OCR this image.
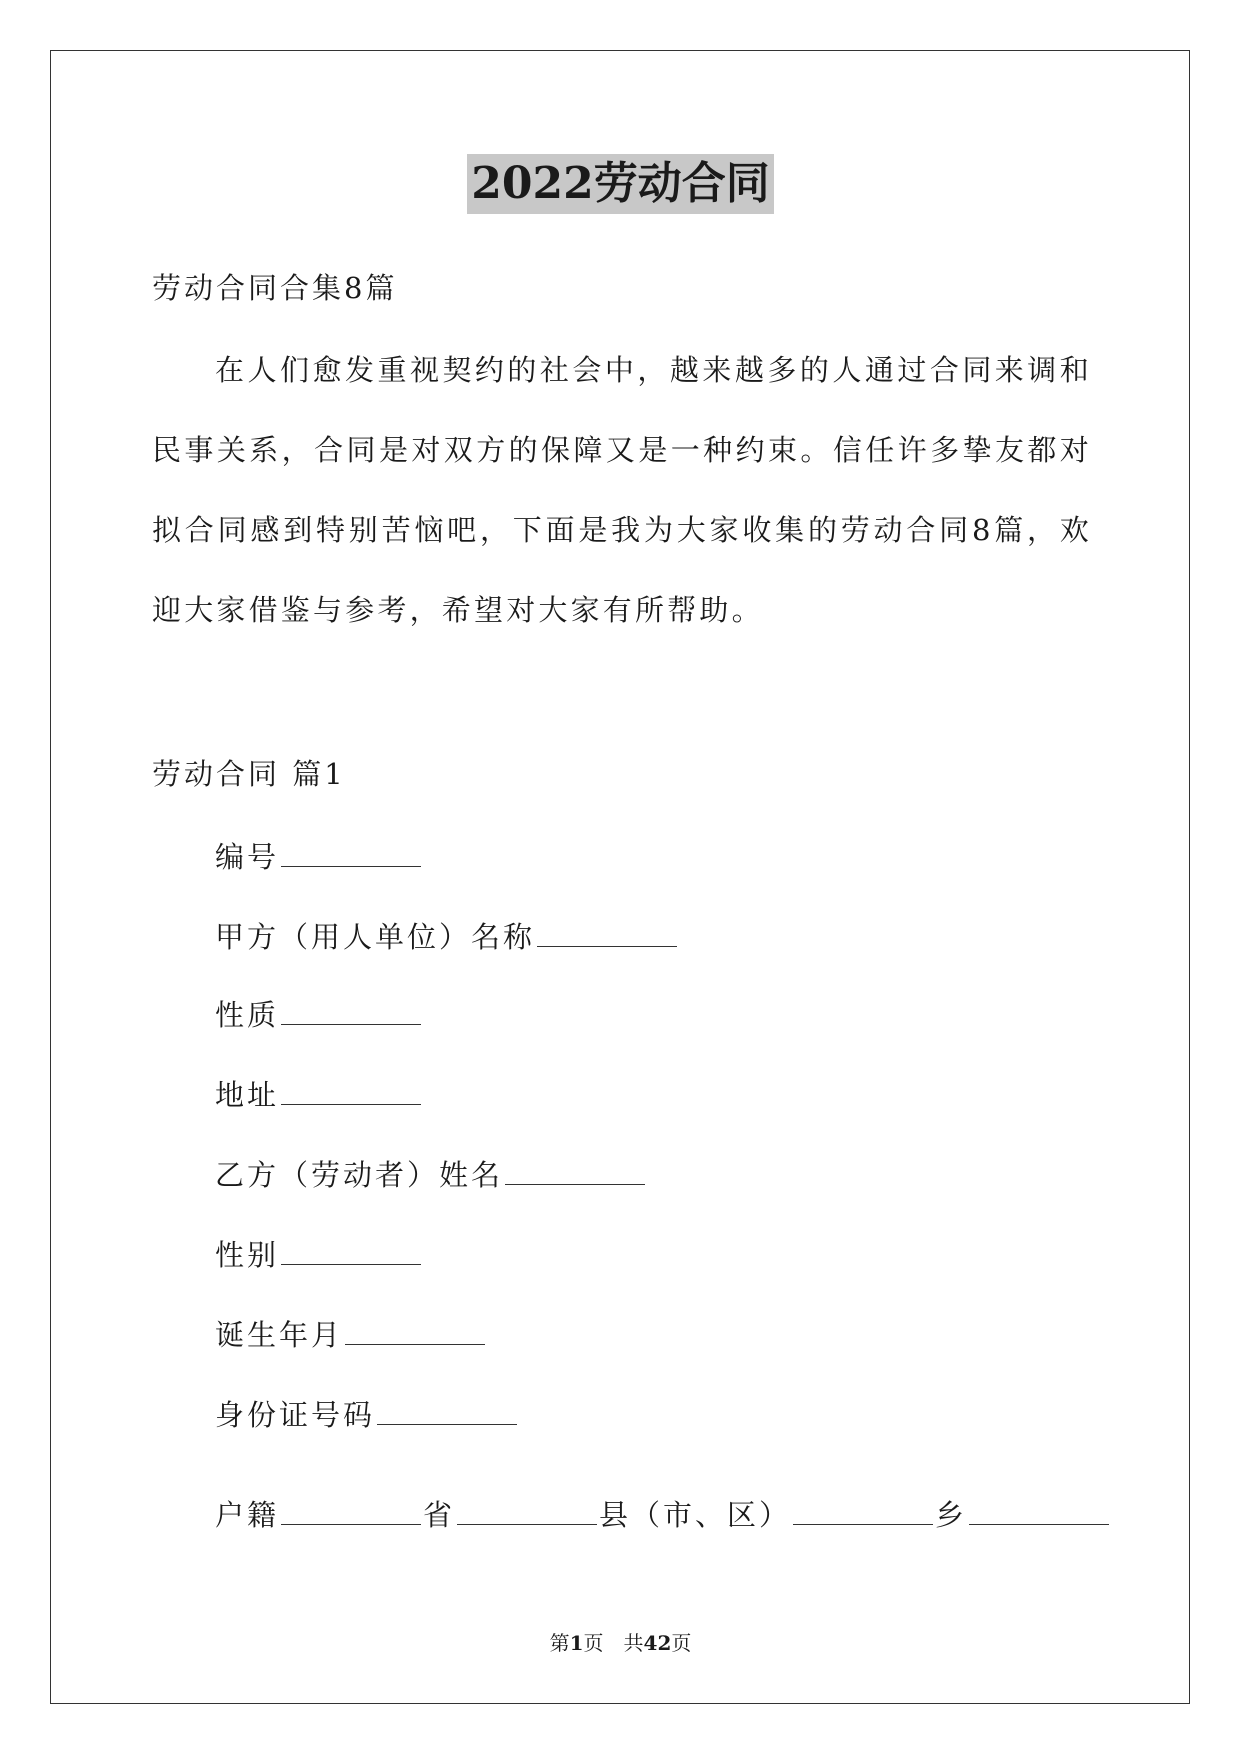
2022劳动合同
劳动合同合集8篇
在人们愈发重视契约的社会中，越来越多的人通过合同来调和民事关系，合同是对双方的保障又是一种约束。信任许多挚友都对拟合同感到特别苦恼吧，下面是我为大家收集的劳动合同8篇，欢迎大家借鉴与参考，希望对大家有所帮助。
劳动合同 篇1
编号
甲方（用人单位）名称
性质
地址
乙方（劳动者）姓名
性别
诞生年月
身份证号码
户籍	省	县（市、区）	乡
第1页　共42页
